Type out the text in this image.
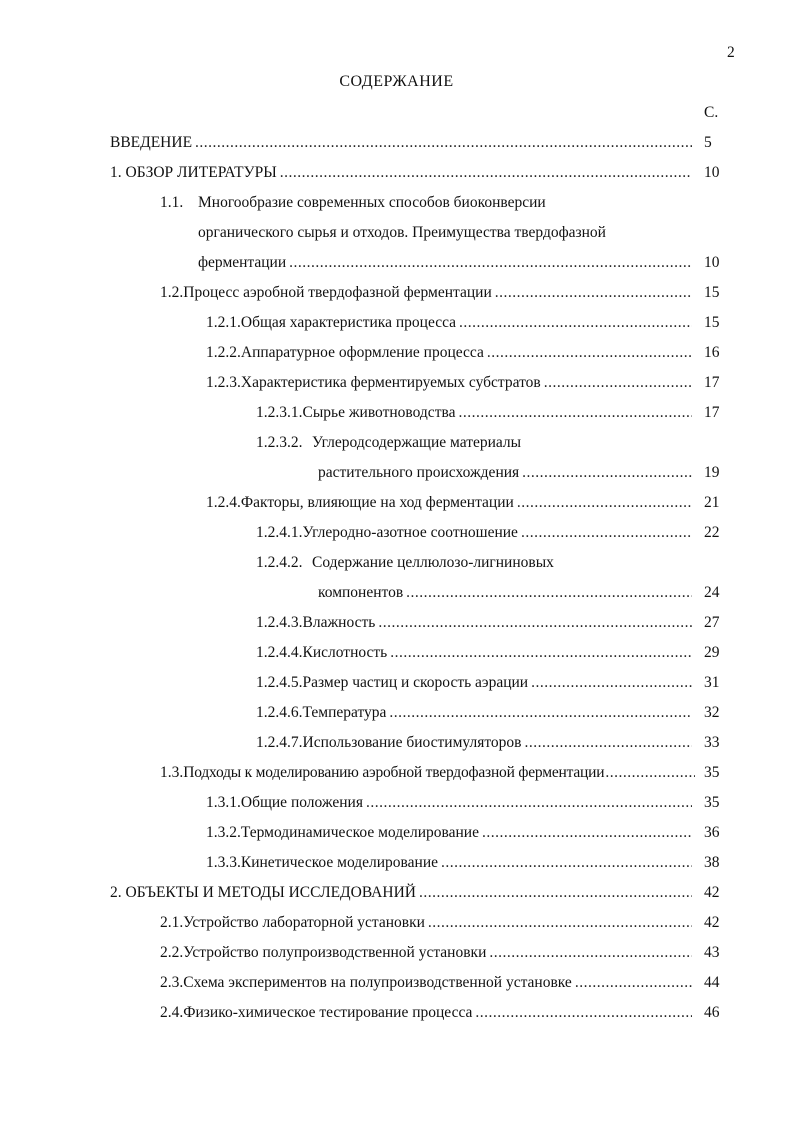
2
СОДЕРЖАНИЕ
С.
ВВЕДЕНИЕ .....	5
1. ОБЗОР ЛИТЕРАТУРЫ .....	10
1.1. Многообразие современных способов биоконверсии
органического сырья и отходов. Преимущества твердофазной
ферментации .....	10
1.2. Процесс аэробной твердофазной ферментации .....	15
1.2.1. Общая характеристика процесса .....	15
1.2.2. Аппаратурное оформление процесса .....	16
1.2.3. Характеристика ферментируемых субстратов .....	17
1.2.3.1. Сырье животноводства .....	17
1.2.3.2. Углеродсодержащие материалы
растительного происхождения .....	19
1.2.4. Факторы, влияющие на ход ферментации .....	21
1.2.4.1. Углеродно-азотное соотношение .....	22
1.2.4.2. Содержание целлюлозо-лигниновых
компонентов .....	24
1.2.4.3. Влажность .....	27
1.2.4.4. Кислотность .....	29
1.2.4.5. Размер частиц и скорость аэрации .....	31
1.2.4.6. Температура .....	32
1.2.4.7. Использование биостимуляторов .....	33
1.3. Подходы к моделированию аэробной твердофазной ферментации .....	35
1.3.1. Общие положения .....	35
1.3.2. Термодинамическое моделирование .....	36
1.3.3. Кинетическое моделирование .....	38
2. ОБЪЕКТЫ И МЕТОДЫ ИССЛЕДОВАНИЙ .....	42
2.1. Устройство лабораторной установки .....	42
2.2. Устройство полупроизводственной установки .....	43
2.3. Схема экспериментов на полупроизводственной установке .....	44
2.4. Физико-химическое тестирование процесса .....	46
